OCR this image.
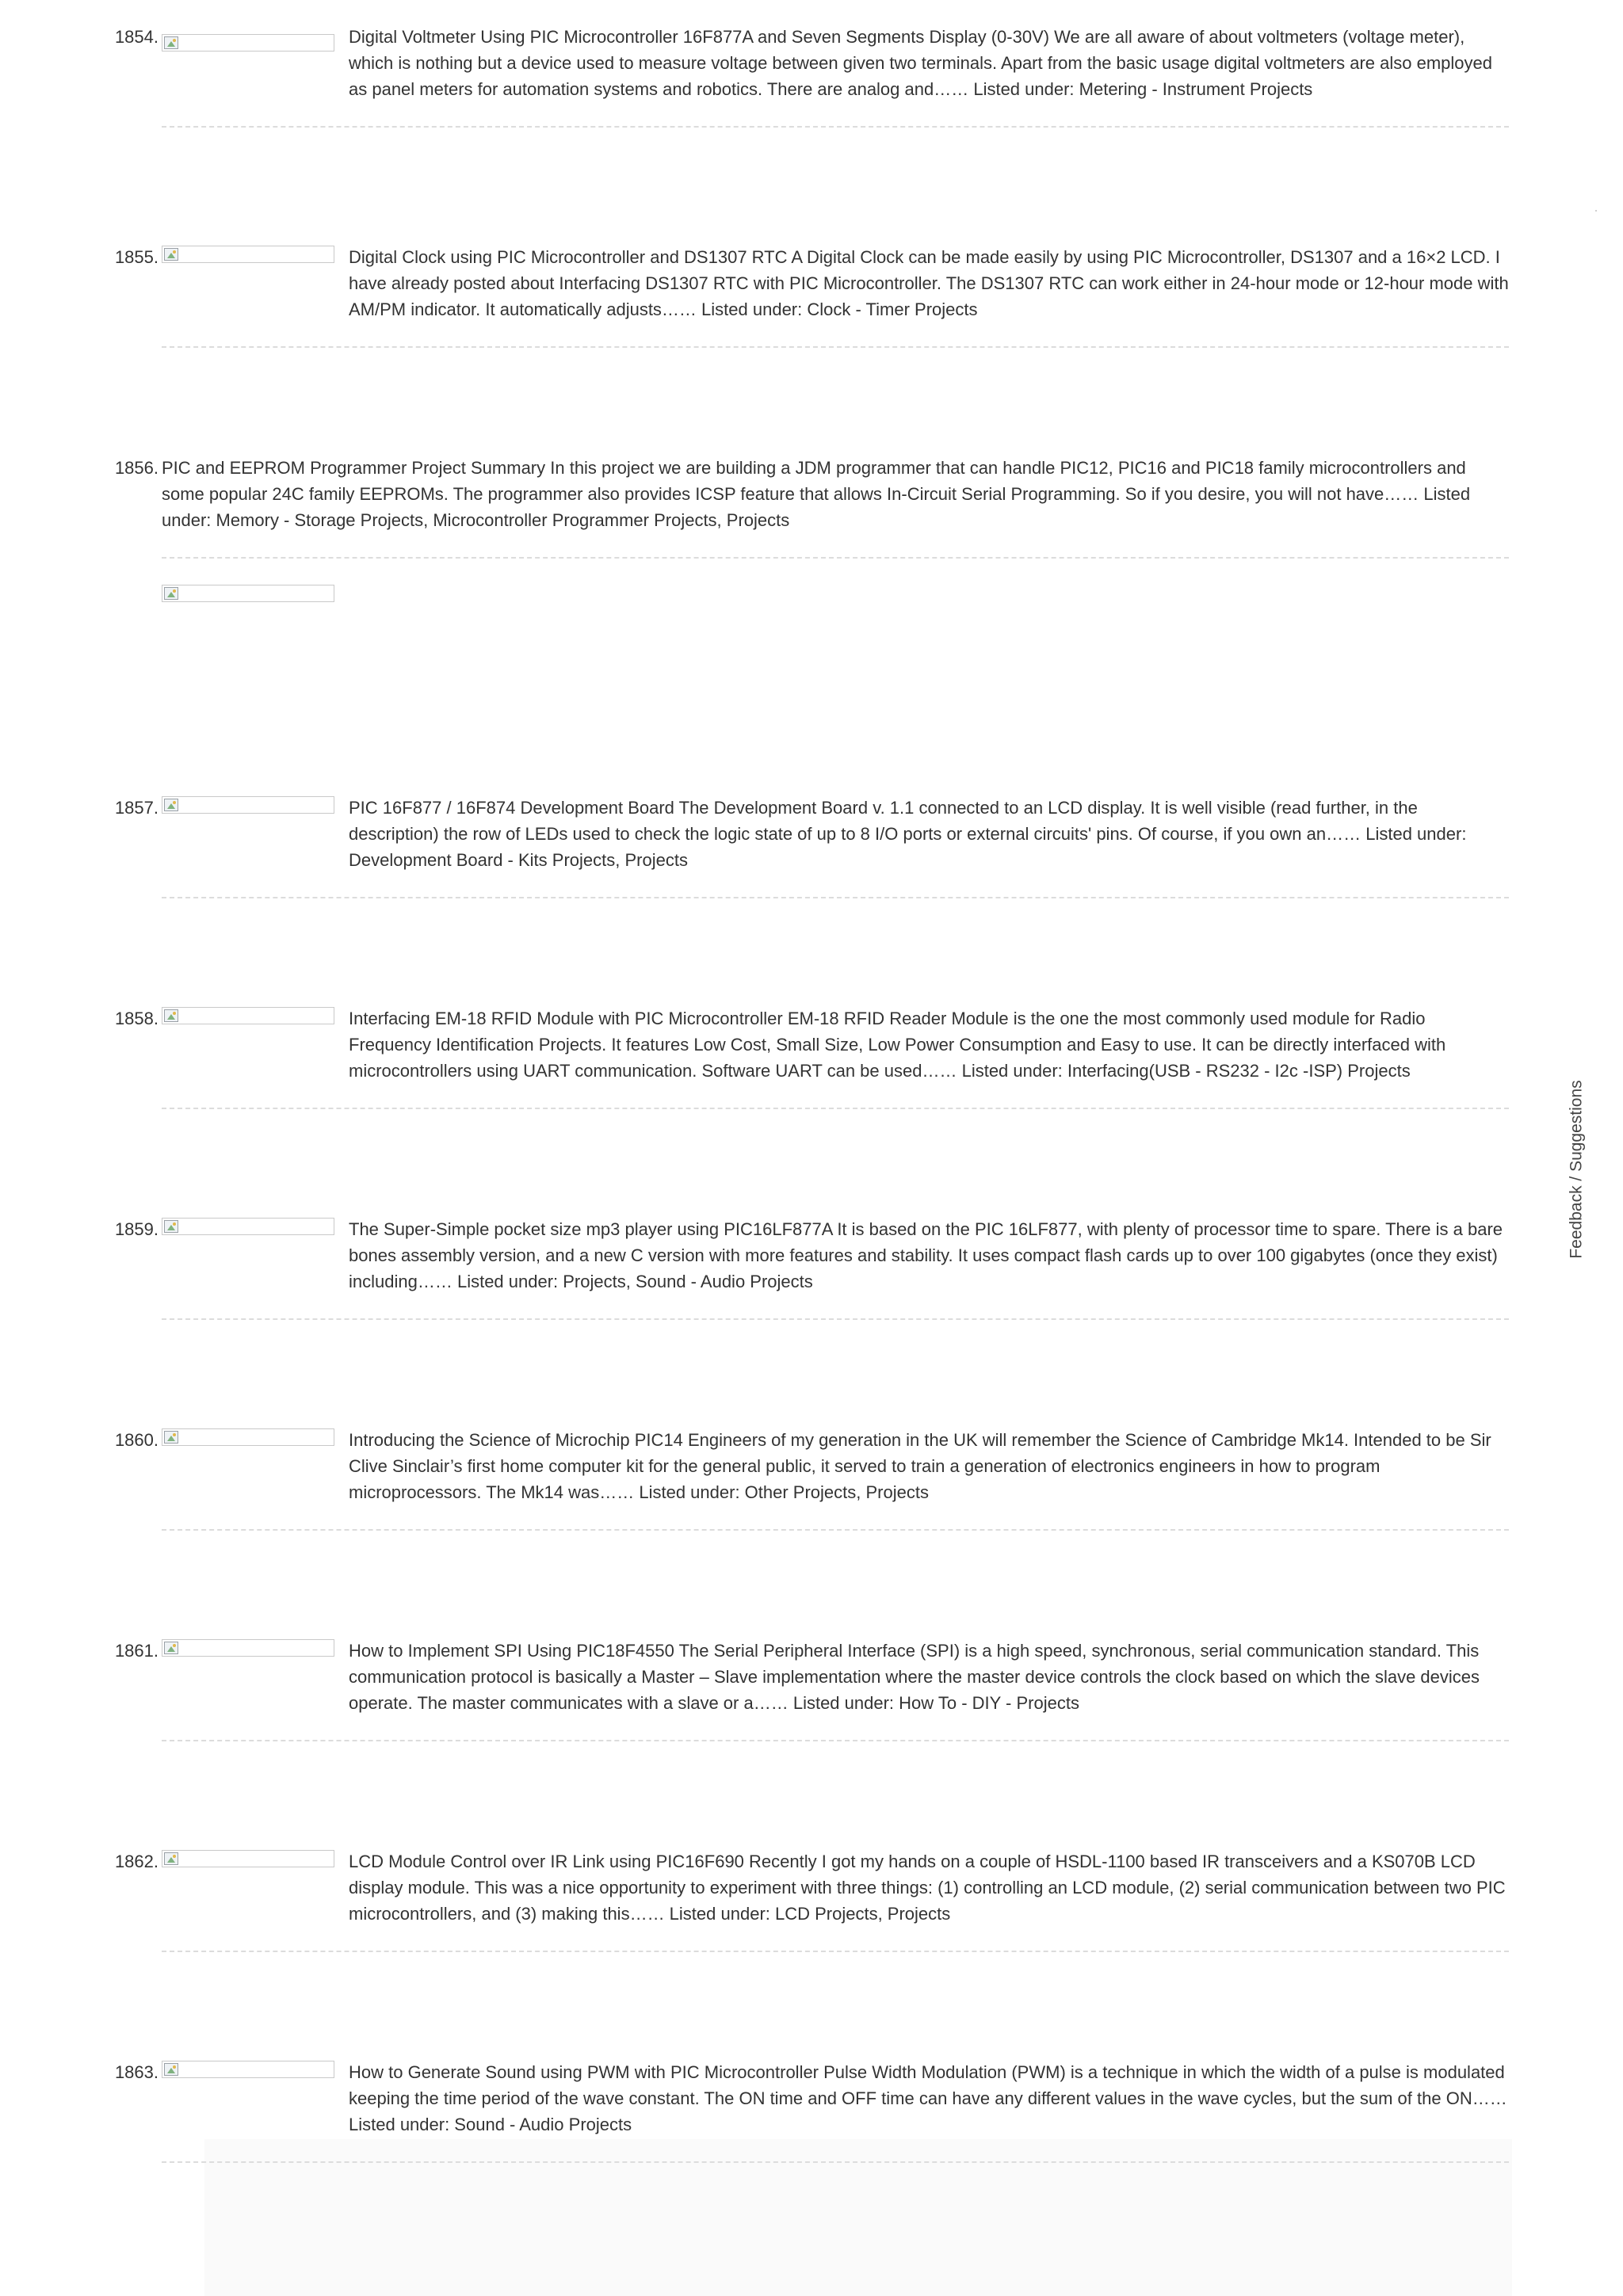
1854.	Digital Voltmeter Using PIC Microcontroller 16F877A and Seven Segments Display (0-30V) We are all aware of about voltmeters (voltage meter), which is nothing but a device used to measure voltage between given two terminals. Apart from the basic usage digital voltmeters are also employed as panel meters for automation systems and robotics. There are analog and…… Listed under: Metering - Instrument Projects
1855.	Digital Clock using PIC Microcontroller and DS1307 RTC A Digital Clock can be made easily by using PIC Microcontroller, DS1307 and a 16×2 LCD. I have already posted about Interfacing DS1307 RTC with PIC Microcontroller. The DS1307 RTC can work either in 24-hour mode or 12-hour mode with AM/PM indicator. It automatically adjusts…… Listed under: Clock - Timer Projects
1856. PIC and EEPROM Programmer Project Summary In this project we are building a JDM programmer that can handle PIC12, PIC16 and PIC18 family microcontrollers and some popular 24C family EEPROMs. The programmer also provides ICSP feature that allows In-Circuit Serial Programming. So if you desire, you will not have…… Listed under: Memory - Storage Projects, Microcontroller Programmer Projects, Projects
1857.	PIC 16F877 / 16F874 Development Board The Development Board v. 1.1 connected to an LCD display. It is well visible (read further, in the description) the row of LEDs used to check the logic state of up to 8 I/O ports or external circuits' pins. Of course, if you own an…… Listed under: Development Board - Kits Projects, Projects
1858.	Interfacing EM-18 RFID Module with PIC Microcontroller EM-18 RFID Reader Module is the one the most commonly used module for Radio Frequency Identification Projects. It features Low Cost, Small Size, Low Power Consumption and Easy to use. It can be directly interfaced with microcontrollers using UART communication. Software UART can be used…… Listed under: Interfacing(USB - RS232 - I2c -ISP) Projects
1859.	The Super-Simple pocket size mp3 player using PIC16LF877A It is based on the PIC 16LF877, with plenty of processor time to spare. There is a bare bones assembly version, and a new C version with more features and stability. It uses compact flash cards up to over 100 gigabytes (once they exist) including…… Listed under: Projects, Sound - Audio Projects
1860.	Introducing the Science of Microchip PIC14 Engineers of my generation in the UK will remember the Science of Cambridge Mk14. Intended to be Sir Clive Sinclair’s first home computer kit for the general public, it served to train a generation of electronics engineers in how to program microprocessors. The Mk14 was…… Listed under: Other Projects, Projects
1861.	How to Implement SPI Using PIC18F4550 The Serial Peripheral Interface (SPI) is a high speed, synchronous, serial communication standard. This communication protocol is basically a Master – Slave implementation where the master device controls the clock based on which the slave devices operate. The master communicates with a slave or a…… Listed under: How To - DIY - Projects
1862.	LCD Module Control over IR Link using PIC16F690 Recently I got my hands on a couple of HSDL-1100 based IR transceivers and a KS070B LCD display module. This was a nice opportunity to experiment with three things: (1) controlling an LCD module, (2) serial communication between two PIC microcontrollers, and (3) making this…… Listed under: LCD Projects, Projects
1863.	How to Generate Sound using PWM with PIC Microcontroller Pulse Width Modulation (PWM) is a technique in which the width of a pulse is modulated keeping the time period of the wave constant. The ON time and OFF time can have any different values in the wave cycles, but the sum of the ON…… Listed under: Sound - Audio Projects
Feedback / Suggestions
